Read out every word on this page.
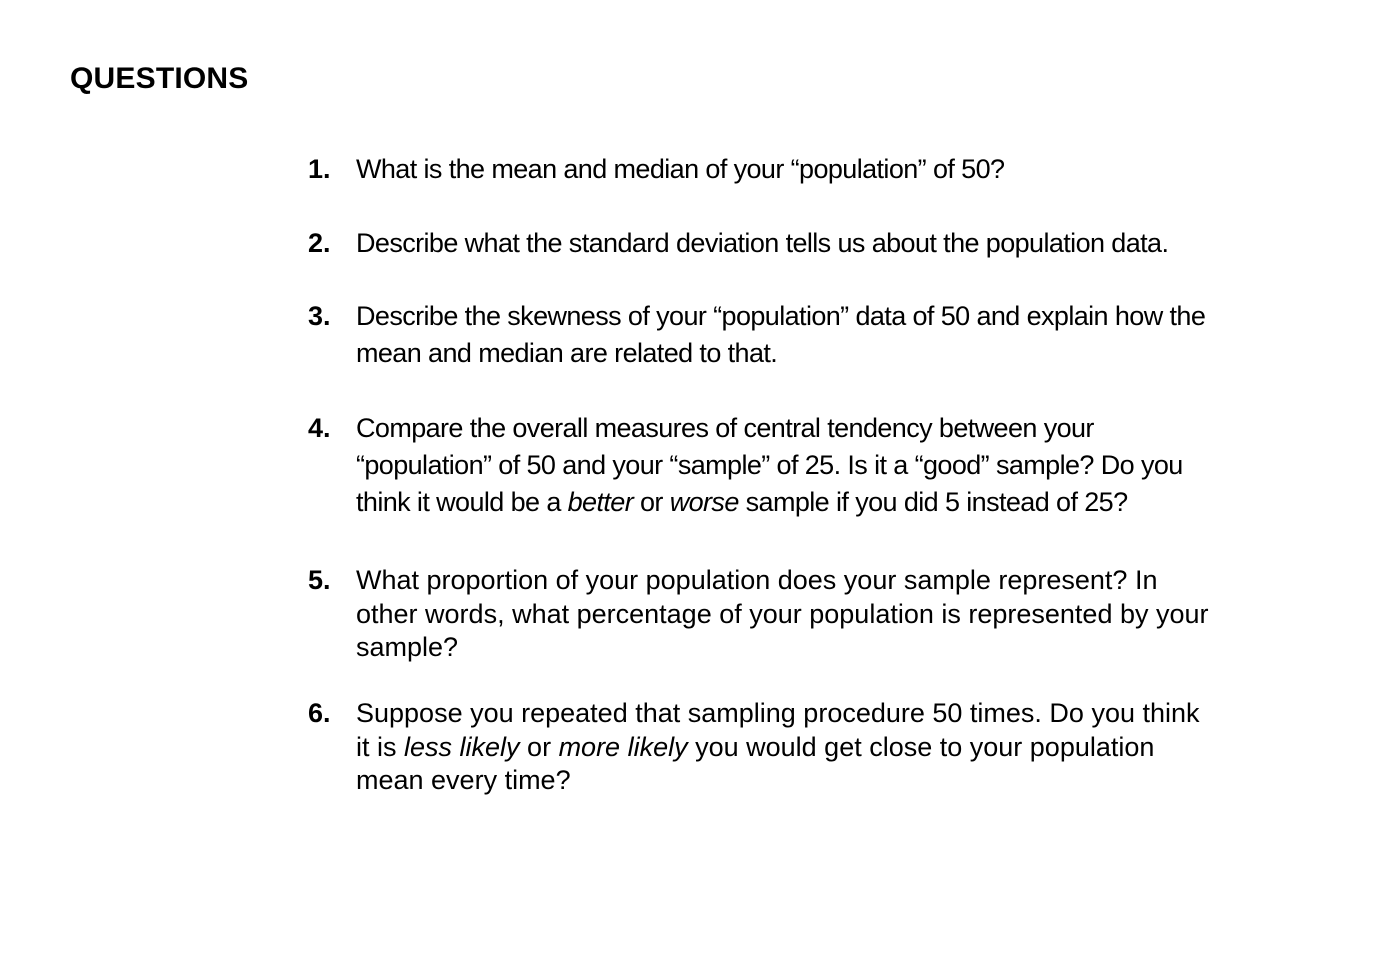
QUESTIONS
1. What is the mean and median of your “population” of 50?
2. Describe what the standard deviation tells us about the population data.
3. Describe the skewness of your “population” data of 50 and explain how the
mean and median are related to that.
4. Compare the overall measures of central tendency between your
“population” of 50 and your “sample” of 25. Is it a “good” sample? Do you
think it would be a better or worse sample if you did 5 instead of 25?
5. What proportion of your population does your sample represent? In
other words, what percentage of your population is represented by your
sample?
6. Suppose you repeated that sampling procedure 50 times. Do you think
it is less likely or more likely you would get close to your population
mean every time?
